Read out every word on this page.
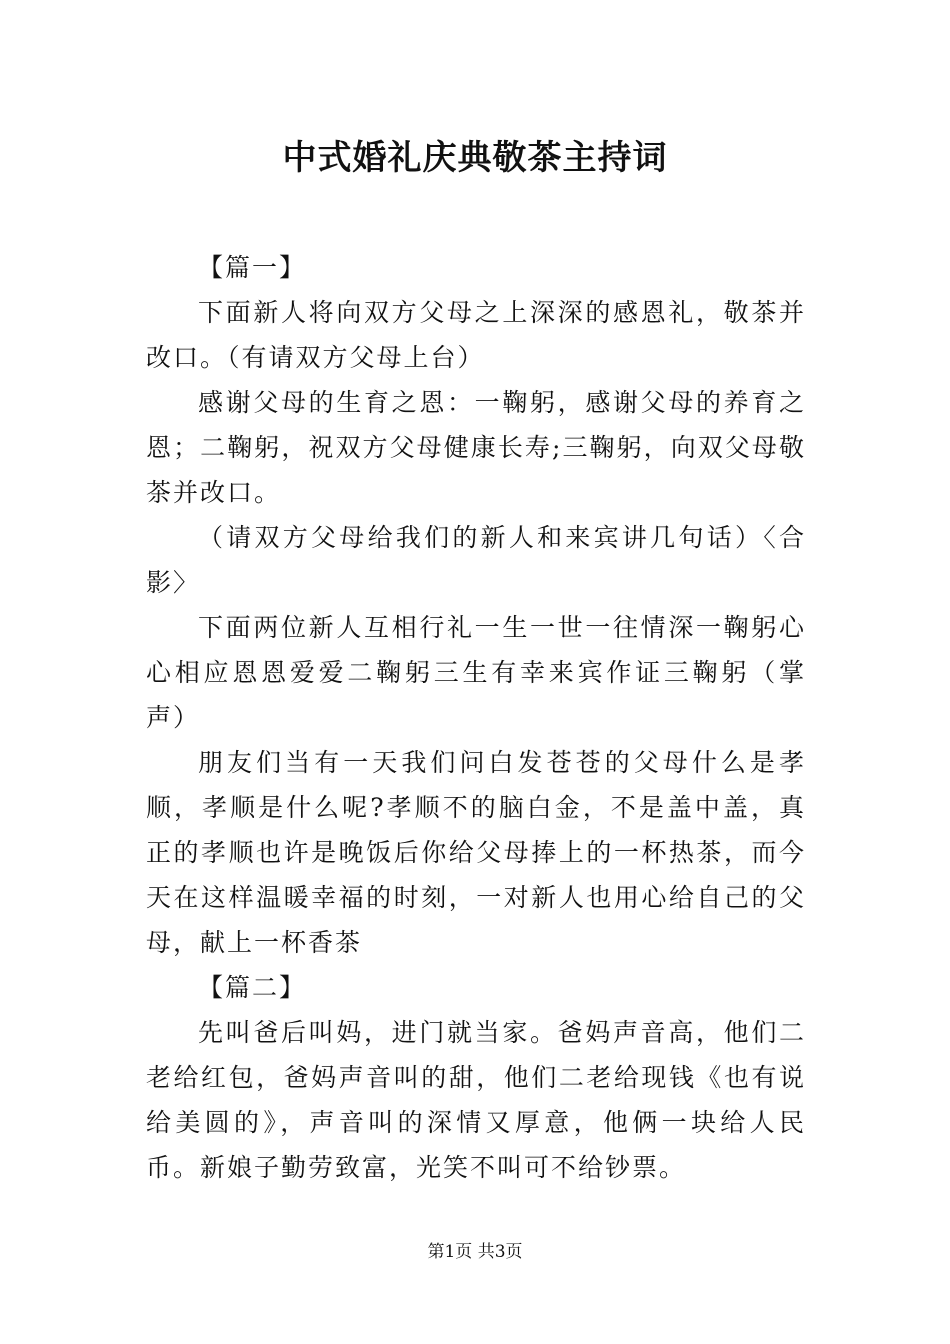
中式婚礼庆典敬茶主持词

【篇一】

下面新人将向双方父母之上深深的感恩礼，敬茶并改口。（有请双方父母上台）

感谢父母的生育之恩：一鞠躬，感谢父母的养育之恩；二鞠躬，祝双方父母健康长寿;三鞠躬，向双父母敬茶并改口。

（请双方父母给我们的新人和来宾讲几句话）〈合影〉

下面两位新人互相行礼一生一世一往情深一鞠躬心心相应恩恩爱爱二鞠躬三生有幸来宾作证三鞠躬（掌声）

朋友们当有一天我们问白发苍苍的父母什么是孝顺，孝顺是什么呢?孝顺不的脑白金，不是盖中盖，真正的孝顺也许是晚饭后你给父母捧上的一杯热茶，而今天在这样温暖幸福的时刻，一对新人也用心给自己的父母，献上一杯香茶

【篇二】

先叫爸后叫妈，进门就当家。爸妈声音高，他们二老给红包，爸妈声音叫的甜，他们二老给现钱《也有说给美圆的》，声音叫的深情又厚意，他俩一块给人民币。新娘子勤劳致富，光笑不叫可不给钞票。

第1页 共3页
